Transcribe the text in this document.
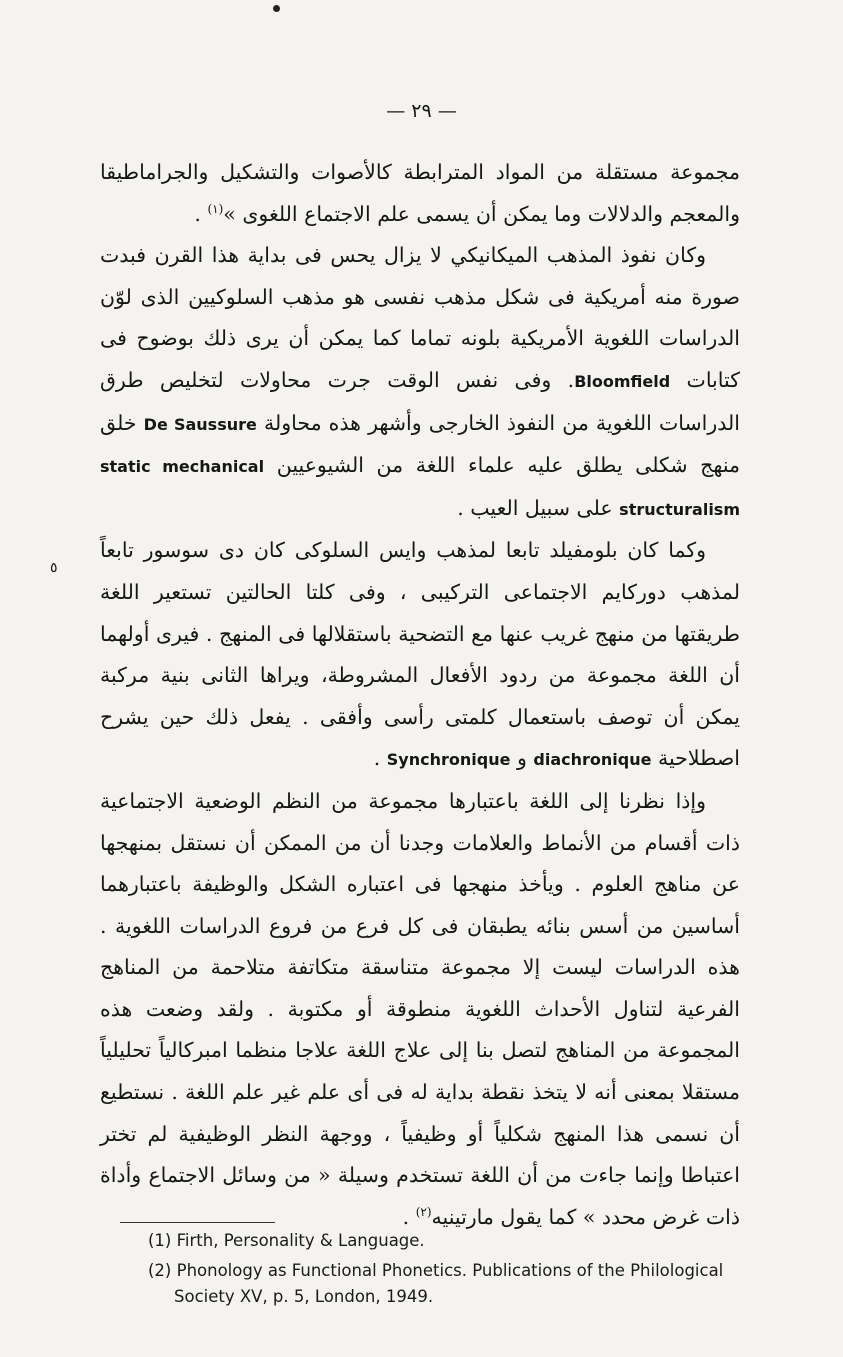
— ٢٩ —
٥

مجموعة مستقلة من المواد المترابطة كالأصوات والتشكيل والجراماطيقا والمعجم والدلالات وما يمكن أن يسمى علم الاجتماع اللغوى »$^{(١)}$ .

وكان نفوذ المذهب الميكانيكي لا يزال يحس فى بداية هذا القرن فبدت صورة منه أمريكية فى شكل مذهب نفسى هو مذهب السلوكيين الذى لوّن الدراسات اللغوية الأمريكية بلونه تماما كما يمكن أن يرى ذلك بوضوح فى كتابات Bloomfield. وفى نفس الوقت جرت محاولات لتخليص طرق الدراسات اللغوية من النفوذ الخارجى وأشهر هذه محاولة De Saussure خلق منهج شكلى يطلق عليه علماء اللغة من الشيوعيين static mechanical structuralism على سبيل العيب .

وكما كان بلومفيلد تابعا لمذهب وايس السلوكى كان دى سوسور تابعاً لمذهب دوركايم الاجتماعى التركيبى ، وفى كلتا الحالتين تستعير اللغة طريقتها من منهج غريب عنها مع التضحية باستقلالها فى المنهج . فيرى أولهما أن اللغة مجموعة من ردود الأفعال المشروطة، ويراها الثانى بنية مركبة يمكن أن توصف باستعمال كلمتى رأسى وأفقى . يفعل ذلك حين يشرح اصطلاحية diachronique و Synchronique .

وإذا نظرنا إلى اللغة باعتبارها مجموعة من النظم الوضعية الاجتماعية ذات أقسام من الأنماط والعلامات وجدنا أن من الممكن أن نستقل بمنهجها عن مناهج العلوم . ويأخذ منهجها فى اعتباره الشكل والوظيفة باعتبارهما أساسين من أسس بنائه يطبقان فى كل فرع من فروع الدراسات اللغوية . هذه الدراسات ليست إلا مجموعة متناسقة متكاتفة متلاحمة من المناهج الفرعية لتناول الأحداث اللغوية منطوقة أو مكتوبة . ولقد وضعت هذه المجموعة من المناهج لتصل بنا إلى علاج اللغة علاجا منظما امبركالياً تحليلياً مستقلا بمعنى أنه لا يتخذ نقطة بداية له فى أى علم غير علم اللغة . نستطيع أن نسمى هذا المنهج شكلياً أو وظيفياً ، ووجهة النظر الوظيفية لم تختر اعتباطا وإنما جاءت من أن اللغة تستخدم وسيلة « من وسائل الاجتماع وأداة ذات غرض محدد » كما يقول مارتينيه$^{(٢)}$ .

(1) Firth, Personality & Language.

(2) Phonology as Functional Phonetics. Publications of the Philological Society XV, p. 5, London, 1949.
